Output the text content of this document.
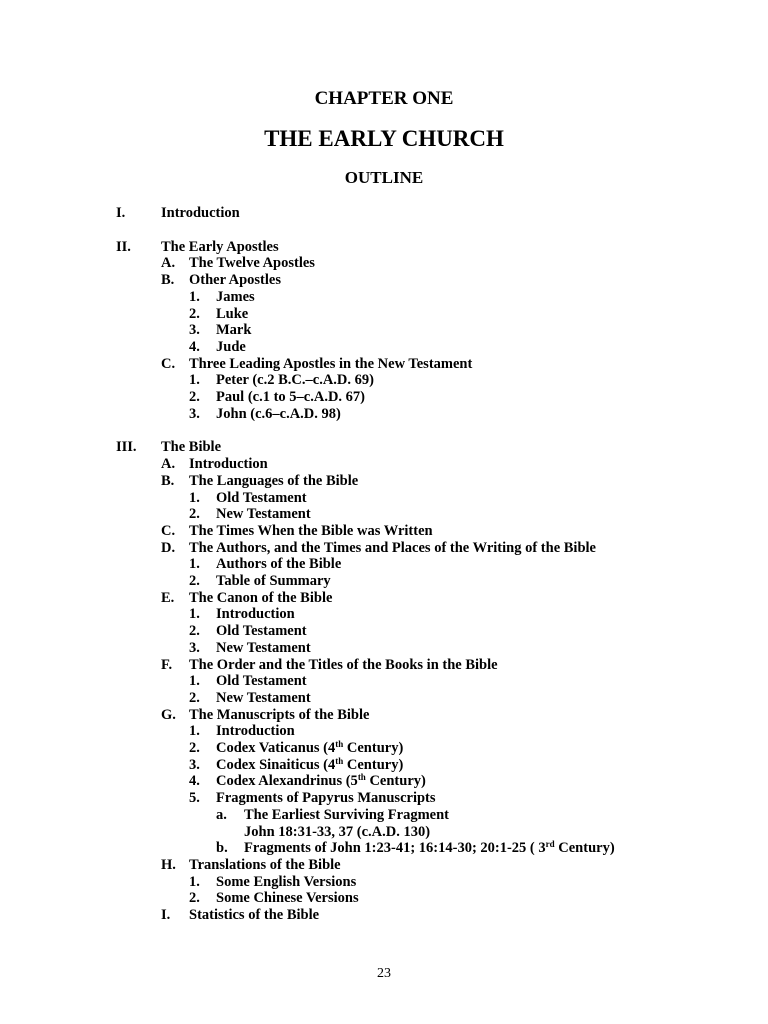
CHAPTER ONE
THE EARLY CHURCH
OUTLINE
I. Introduction
II. The Early Apostles
A. The Twelve Apostles
B. Other Apostles
1. James
2. Luke
3. Mark
4. Jude
C. Three Leading Apostles in the New Testament
1. Peter (c.2 B.C.–c.A.D. 69)
2. Paul (c.1 to 5–c.A.D. 67)
3. John (c.6–c.A.D. 98)
III. The Bible
A. Introduction
B. The Languages of the Bible
1. Old Testament
2. New Testament
C. The Times When the Bible was Written
D. The Authors, and the Times and Places of the Writing of the Bible
1. Authors of the Bible
2. Table of Summary
E. The Canon of the Bible
1. Introduction
2. Old Testament
3. New Testament
F. The Order and the Titles of the Books in the Bible
1. Old Testament
2. New Testament
G. The Manuscripts of the Bible
1. Introduction
2. Codex Vaticanus (4th Century)
3. Codex Sinaiticus (4th Century)
4. Codex Alexandrinus (5th Century)
5. Fragments of Papyrus Manuscripts
a. The Earliest Surviving Fragment
John 18:31-33, 37 (c.A.D. 130)
b. Fragments of John 1:23-41; 16:14-30; 20:1-25 ( 3rd Century)
H. Translations of the Bible
1. Some English Versions
2. Some Chinese Versions
I. Statistics of the Bible
23
